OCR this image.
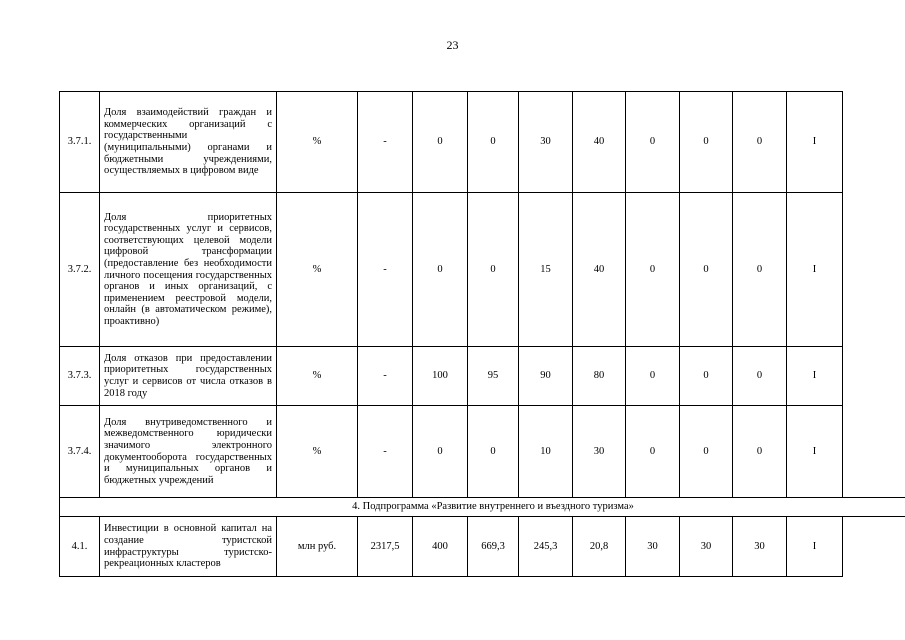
23
3.7.1.	Доля взаимодействий граждан и коммерческих организаций с государственными (муниципальными) органами и бюджетными учреждениями, осуществляемых в цифровом виде	%	-	0	0	30	40	0	0	0	I
3.7.2.	Доля приоритетных государственных услуг и сервисов, соответствующих целевой модели цифровой трансформации (предоставление без необходимости личного посещения государственных органов и иных организаций, с применением реестровой модели, онлайн (в автоматическом режиме), проактивно)	%	-	0	0	15	40	0	0	0	I
3.7.3.	Доля отказов при предоставлении приоритетных государственных услуг и сервисов от числа отказов в 2018 году	%	-	100	95	90	80	0	0	0	I
3.7.4.	Доля внутриведомственного и межведомственного юридически значимого электронного документооборота государственных и муниципальных органов и бюджетных учреждений	%	-	0	0	10	30	0	0	0	I
4. Подпрограмма «Развитие внутреннего и въездного туризма»											
4.1.	Инвестиции в основной капитал на создание туристской инфраструктуры туристско-рекреационных кластеров	млн руб.	2317,5	400	669,3	245,3	20,8	30	30	30	I
